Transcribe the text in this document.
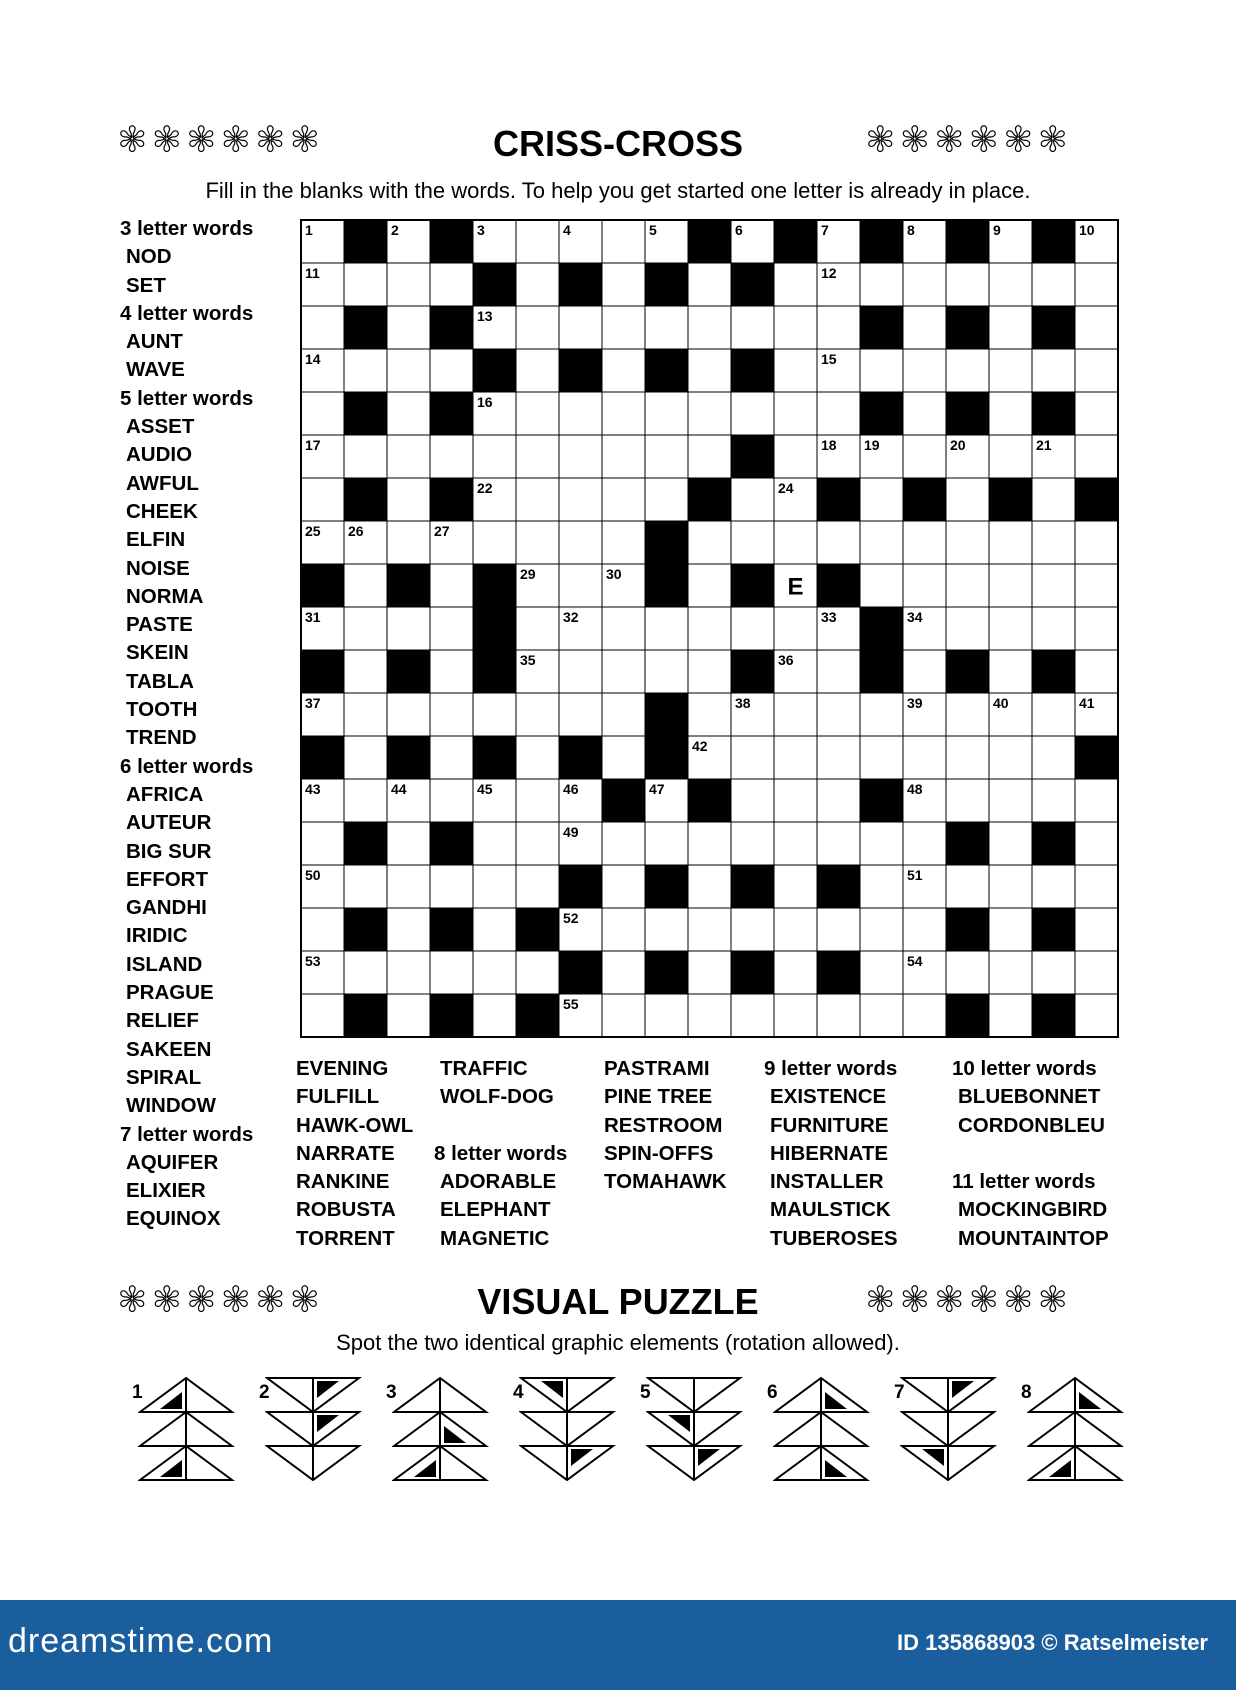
✼✼✼✼✼✼	CRISS-CROSS	✼✼✼✼✼✼
Fill in the blanks with the words. To help you get started one letter is already in place.
3 letter words
NOD
SET
4 letter words
AUNT
WAVE
5 letter words
ASSET
AUDIO
AWFUL
CHEEK
ELFIN
NOISE
NORMA
PASTE
SKEIN
TABLA
TOOTH
TREND
6 letter words
AFRICA
AUTEUR
BIG SUR
EFFORT
GANDHI
IRIDIC
ISLAND
PRAGUE
RELIEF
SAKEEN
SPIRAL
WINDOW
7 letter words
AQUIFER
ELIXIER
EQUINOX
1	2	3	4	5	6	7	8	9	10
11	12
13
14	15
16
17	18 19	20	21
22	23	24
25 26	27	28
29	30
31	32	33	34
35	36
37	38	39	40	41
42
43	44	45	46	47	48
49
50	51
52
53	54
55
E
EVENING
FULFILL
HAWK-OWL
NARRATE
RANKINE
ROBUSTA
TORRENT
TRAFFIC
WOLF-DOG

8 letter words
ADORABLE
ELEPHANT
MAGNETIC
PASTRAMI
PINE TREE
RESTROOM
SPIN-OFFS
TOMAHAWK
9 letter words
EXISTENCE
FURNITURE
HIBERNATE
INSTALLER
MAULSTICK
TUBEROSES
10 letter words
BLUEBONNET
CORDONBLEU

11 letter words
MOCKINGBIRD
MOUNTAINTOP
✼✼✼✼✼✼	VISUAL PUZZLE	✼✼✼✼✼✼
Spot the two identical graphic elements (rotation allowed).
1	2	3	4	5	6	7	8
dreamstime.com	ID 135868903 © Ratselmeister
